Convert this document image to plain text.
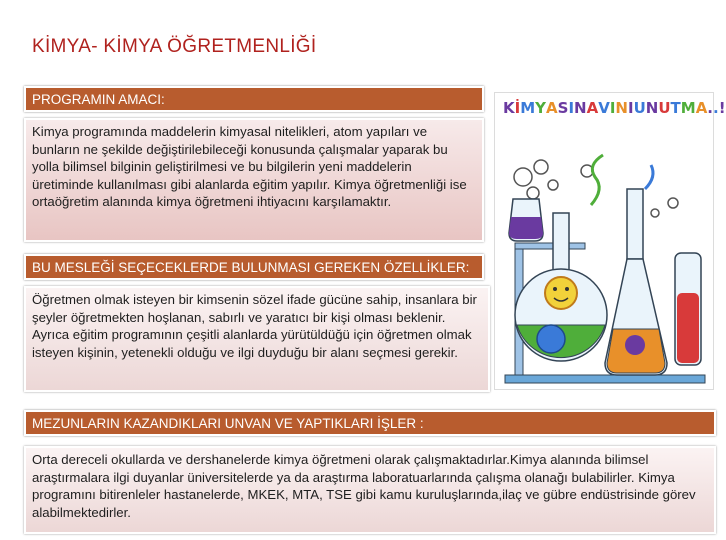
KİMYA- KİMYA ÖĞRETMENLİĞİ
PROGRAMIN AMACI:
Kimya programında maddelerin kimyasal nitelikleri, atom yapıları ve bunların ne şekilde değiştirilebileceği konusunda çalışmalar yaparak bu yolla bilimsel bilginin geliştirilmesi ve bu bilgilerin yeni maddelerin üretiminde kullanılması gibi alanlarda eğitim yapılır. Kimya öğretmenliği ise ortaöğretim alanında kimya öğretmeni ihtiyacını karşılamaktır.
BU MESLEĞİ SEÇECEKLERDE BULUNMASI GEREKEN ÖZELLİKLER:
Öğretmen olmak isteyen bir kimsenin sözel ifade gücüne sahip, insanlara bir şeyler öğretmekten hoşlanan, sabırlı ve yaratıcı bir kişi olması beklenir. Ayrıca eğitim programının çeşitli alanlarda yürütüldüğü için öğretmen olmak isteyen kişinin, yetenekli olduğu ve ilgi duyduğu bir alanı seçmesi gerekir.
MEZUNLARIN KAZANDIKLARI UNVAN VE YAPTIKLARI İŞLER :
Orta dereceli okullarda ve dershanelerde kimya öğretmeni olarak çalışmaktadırlar.Kimya alanında bilimsel araştırmalara ilgi duyanlar üniversitelerde ya da araştırma laboratuarlarında çalışma olanağı bulabilirler. Kimya programını bitirenleler hastanelerde, MKEK, MTA, TSE gibi kamu kuruluşlarında,ilaç ve gübre endüstrisinde görev alabilmektedirler.
KİMYASINAVINIUNUTMA..!
